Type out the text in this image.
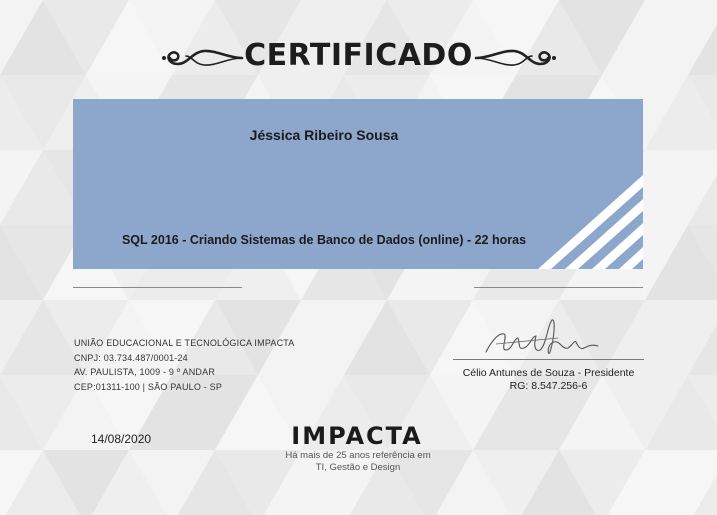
CERTIFICADO
Jéssica Ribeiro Sousa
SQL 2016 - Criando Sistemas de Banco de Dados (online) - 22 horas
UNIÃO EDUCACIONAL E TECNOLÓGICA IMPACTA
CNPJ: 03.734.487/0001-24
AV. PAULISTA, 1009 - 9 º ANDAR
CEP:01311-100 | SÃO PAULO - SP
Célio Antunes de Souza - Presidente
RG: 8.547.256-6
14/08/2020	IMPACTA
Há mais de 25 anos referência em
TI, Gestão e Design
